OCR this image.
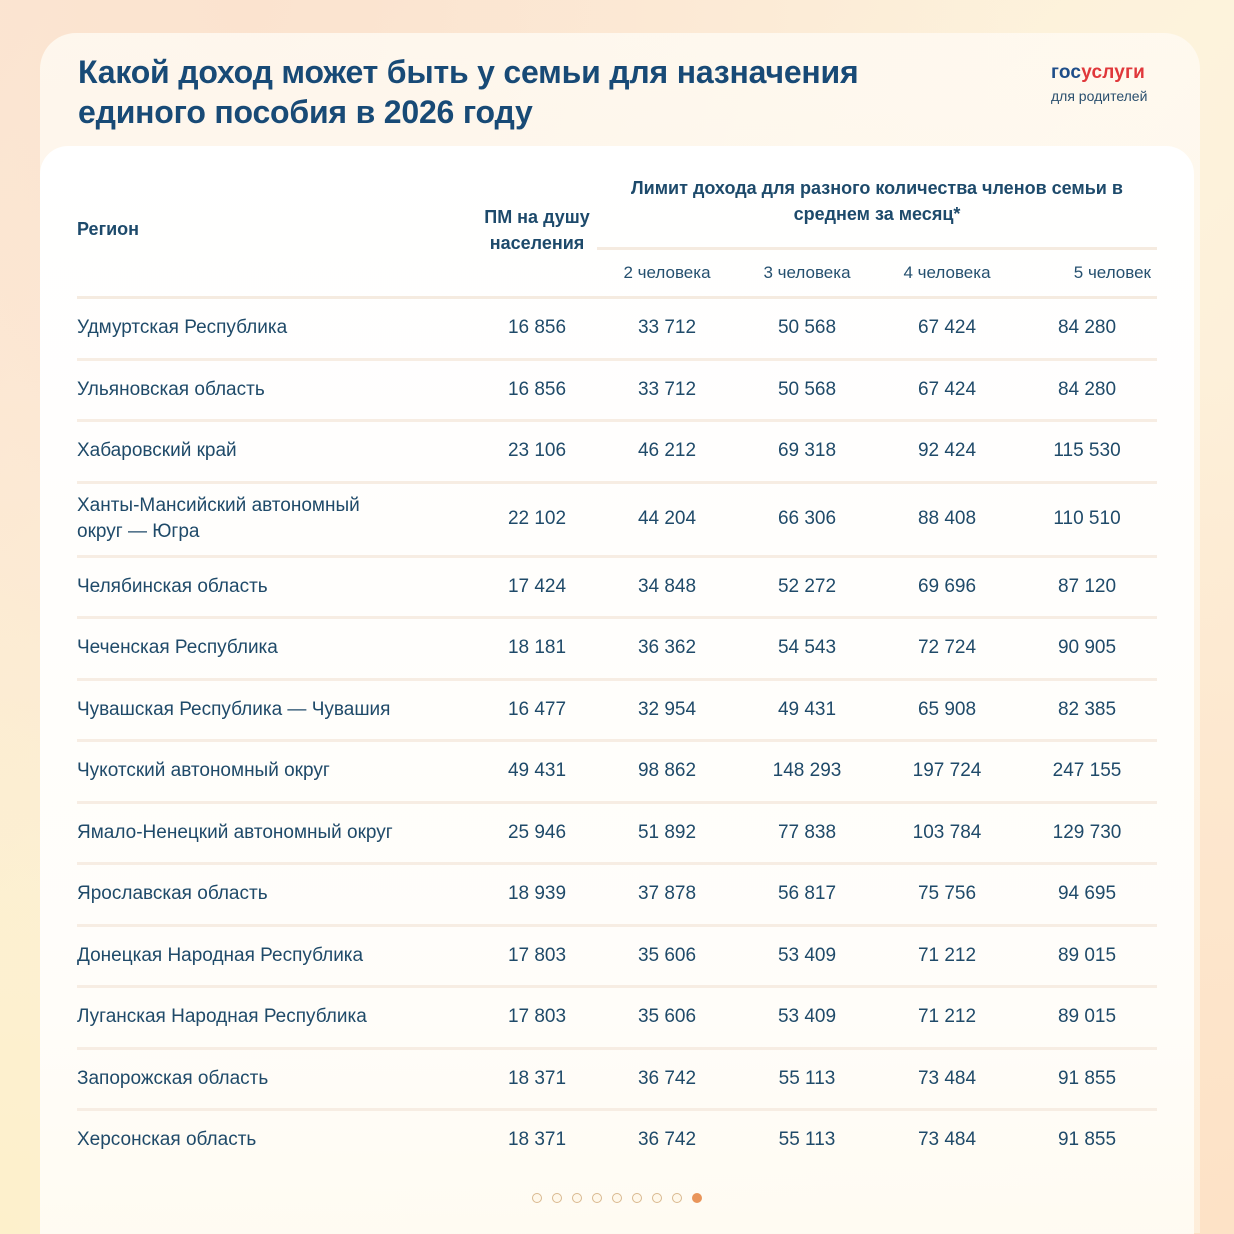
Какой доход может быть у семьи для назначения единого пособия в 2026 году
госуслуги
для родителей
Регион	ПМ на душу населения	Лимит дохода для разного количества членов семьи в среднем за месяц*			
		2 человека	3 человека	4 человека	5 человек
Удмуртская Республика	16 856	33 712	50 568	67 424	84 280
Ульяновская область	16 856	33 712	50 568	67 424	84 280
Хабаровский край	23 106	46 212	69 318	92 424	115 530
Ханты-Мансийский автономный округ — Югра	22 102	44 204	66 306	88 408	110 510
Челябинская область	17 424	34 848	52 272	69 696	87 120
Чеченская Республика	18 181	36 362	54 543	72 724	90 905
Чувашская Республика — Чувашия	16 477	32 954	49 431	65 908	82 385
Чукотский автономный округ	49 431	98 862	148 293	197 724	247 155
Ямало-Ненецкий автономный округ	25 946	51 892	77 838	103 784	129 730
Ярославская область	18 939	37 878	56 817	75 756	94 695
Донецкая Народная Республика	17 803	35 606	53 409	71 212	89 015
Луганская Народная Республика	17 803	35 606	53 409	71 212	89 015
Запорожская область	18 371	36 742	55 113	73 484	91 855
Херсонская область	18 371	36 742	55 113	73 484	91 855
